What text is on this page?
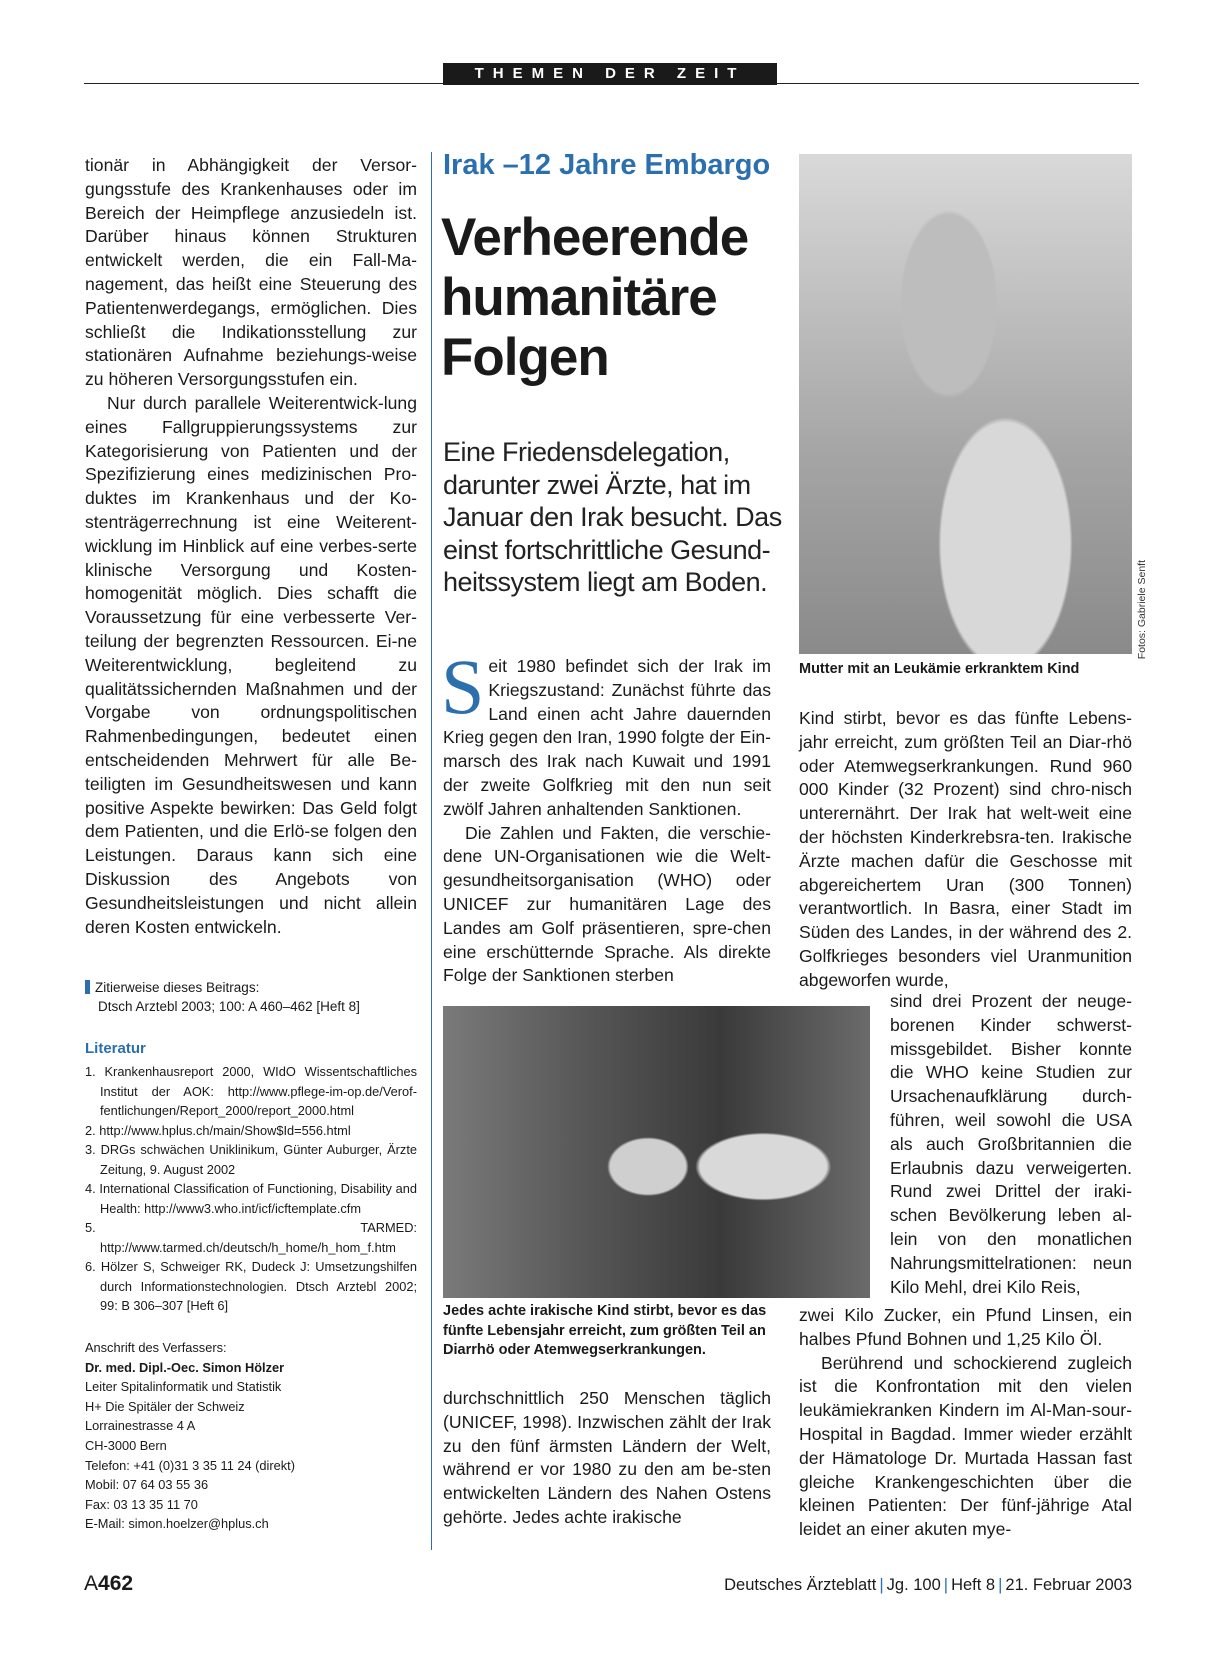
THEMEN DER ZEIT

tionär in Abhängigkeit der Versor-gungsstufe des Krankenhauses oder im Bereich der Heimpflege anzusiedeln ist. Darüber hinaus können Strukturen entwickelt werden, die ein Fall-Ma-nagement, das heißt eine Steuerung des Patientenwerdegangs, ermöglichen. Dies schließt die Indikationsstellung zur stationären Aufnahme beziehungs-weise zu höheren Versorgungsstufen ein.

Nur durch parallele Weiterentwick-lung eines Fallgruppierungssystems zur Kategorisierung von Patienten und der Spezifizierung eines medizinischen Pro-duktes im Krankenhaus und der Ko-stenträgerrechnung ist eine Weiterent-wicklung im Hinblick auf eine verbes-serte klinische Versorgung und Kosten-homogenität möglich. Dies schafft die Voraussetzung für eine verbesserte Ver-teilung der begrenzten Ressourcen. Ei-ne Weiterentwicklung, begleitend zu qualitätssichernden Maßnahmen und der Vorgabe von ordnungspolitischen Rahmenbedingungen, bedeutet einen entscheidenden Mehrwert für alle Be-teiligten im Gesundheitswesen und kann positive Aspekte bewirken: Das Geld folgt dem Patienten, und die Erlö-se folgen den Leistungen. Daraus kann sich eine Diskussion des Angebots von Gesundheitsleistungen und nicht allein deren Kosten entwickeln.

Zitierweise dieses Beitrags:
Dtsch Arztebl 2003; 100: A 460–462 [Heft 8]
Literatur
1. Krankenhausreport 2000, WIdO Wissentschaftliches Institut der AOK: http://www.pflege-im-op.de/Verof-fentlichungen/Report_2000/report_2000.html
2. http://www.hplus.ch/main/Show$Id=556.html
3. DRGs schwächen Uniklinikum, Günter Auburger, Ärzte Zeitung, 9. August 2002
4. International Classification of Functioning, Disability and Health: http://www3.who.int/icf/icftemplate.cfm
5. TARMED: http://www.tarmed.ch/deutsch/h_home/h_hom_f.htm
6. Hölzer S, Schweiger RK, Dudeck J: Umsetzungshilfen durch Informationstechnologien. Dtsch Arztebl 2002; 99: B 306–307 [Heft 6]
Anschrift des Verfassers:
Dr. med. Dipl.-Oec. Simon Hölzer
Leiter Spitalinformatik und Statistik
H+ Die Spitäler der Schweiz
Lorrainestrasse 4 A
CH-3000 Bern
Telefon: +41 (0)31 3 35 11 24 (direkt)
Mobil: 07 64 03 55 36
Fax: 03 13 35 11 70
E-Mail: simon.hoelzer@hplus.ch
Irak –12 Jahre Embargo
Verheerende humanitäre Folgen
Eine Friedensdelegation, darunter zwei Ärzte, hat im Januar den Irak besucht. Das einst fortschrittliche Gesund-heitssystem liegt am Boden.

Seit 1980 befindet sich der Irak im Kriegszustand: Zunächst führte das Land einen acht Jahre dauernden Krieg gegen den Iran, 1990 folgte der Ein-marsch des Irak nach Kuwait und 1991 der zweite Golfkrieg mit den nun seit zwölf Jahren anhaltenden Sanktionen.

Die Zahlen und Fakten, die verschie-dene UN-Organisationen wie die Welt-gesundheitsorganisation (WHO) oder UNICEF zur humanitären Lage des Landes am Golf präsentieren, spre-chen eine erschütternde Sprache. Als direkte Folge der Sanktionen sterben

Jedes achte irakische Kind stirbt, bevor es das fünfte Lebensjahr erreicht, zum größten Teil an Diarrhö oder Atemwegserkrankungen.

durchschnittlich 250 Menschen täglich (UNICEF, 1998). Inzwischen zählt der Irak zu den fünf ärmsten Ländern der Welt, während er vor 1980 zu den am be-sten entwickelten Ländern des Nahen Ostens gehörte. Jedes achte irakische

Fotos: Gabriele Senft
Mutter mit an Leukämie erkranktem Kind

Kind stirbt, bevor es das fünfte Lebens-jahr erreicht, zum größten Teil an Diar-rhö oder Atemwegserkrankungen. Rund 960 000 Kinder (32 Prozent) sind chro-nisch unterernährt. Der Irak hat welt-weit eine der höchsten Kinderkrebsra-ten. Irakische Ärzte machen dafür die Geschosse mit abgereichertem Uran (300 Tonnen) verantwortlich. In Basra, einer Stadt im Süden des Landes, in der während des 2. Golfkrieges besonders viel Uranmunition abgeworfen wurde,

sind drei Prozent der neuge-borenen Kinder schwerst-missgebildet. Bisher konnte die WHO keine Studien zur Ursachenaufklärung durch-führen, weil sowohl die USA als auch Großbritannien die Erlaubnis dazu verweigerten. Rund zwei Drittel der iraki-schen Bevölkerung leben al-lein von den monatlichen Nahrungsmittelrationen: neun Kilo Mehl, drei Kilo Reis,

zwei Kilo Zucker, ein Pfund Linsen, ein halbes Pfund Bohnen und 1,25 Kilo Öl.

Berührend und schockierend zugleich ist die Konfrontation mit den vielen leukämiekranken Kindern im Al-Man-sour-Hospital in Bagdad. Immer wieder erzählt der Hämatologe Dr. Murtada Hassan fast gleiche Krankengeschichten über die kleinen Patienten: Der fünf-jährige Atal leidet an einer akuten mye-

A462	Deutsches Ärzteblatt | Jg. 100 | Heft 8 | 21. Februar 2003
